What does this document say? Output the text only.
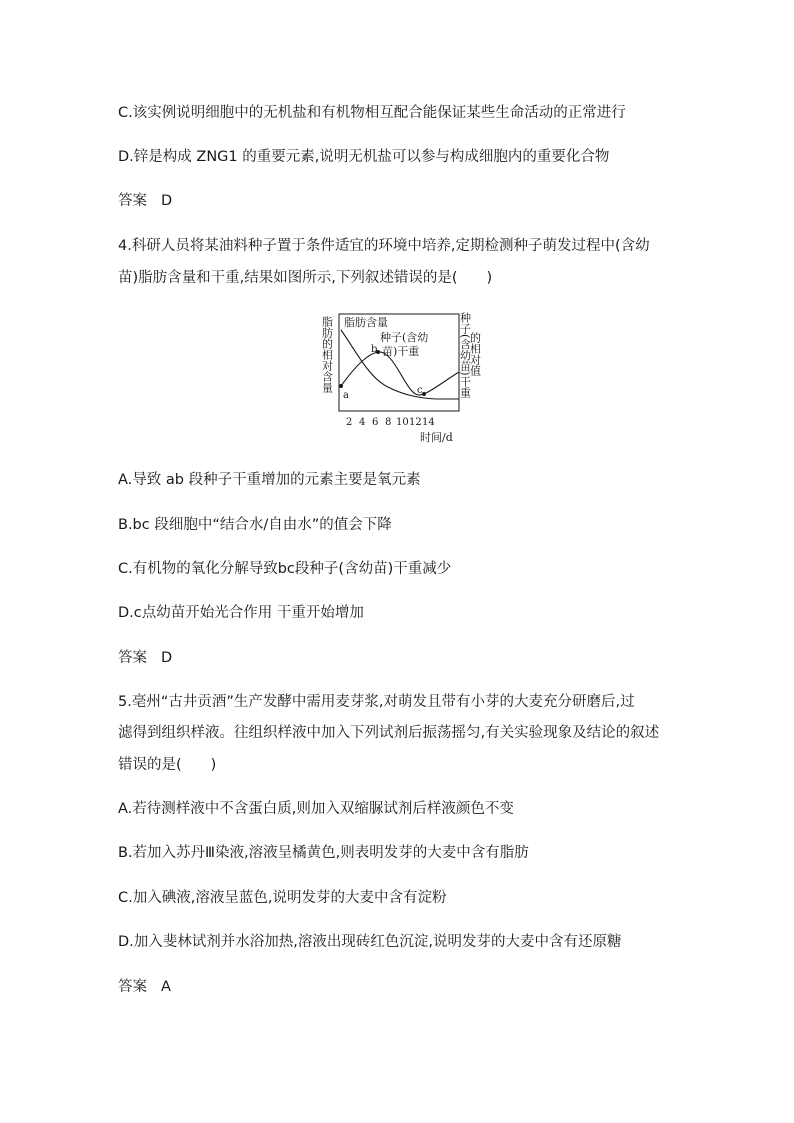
C.该实例说明细胞中的无机盐和有机物相互配合能保证某些生命活动的正常进行
D.锌是构成 ZNG1 的重要元素,说明无机盐可以参与构成细胞内的重要化合物
答案 D
4.科研人员将某油料种子置于条件适宜的环境中培养,定期检测种子萌发过程中(含幼
苗)脂肪含量和干重,结果如图所示,下列叙述错误的是(　　)
脂肪的相对含量	种子(含幼苗)干重
的相对值
a
b
c
脂肪含量
种子(含幼
苗)干重
2 4 6 8 10 12 14
时间/d
A.导致 ab 段种子干重增加的元素主要是氧元素
B.bc 段细胞中“结合水/自由水”的值会下降
C.有机物的氧化分解导致bc段种子(含幼苗)干重减少
D.c点幼苗开始光合作用 干重开始增加
答案 D
5.亳州“古井贡酒”生产发酵中需用麦芽浆,对萌发且带有小芽的大麦充分研磨后,过
滤得到组织样液。往组织样液中加入下列试剂后振荡摇匀,有关实验现象及结论的叙述
错误的是(　　)
A.若待测样液中不含蛋白质,则加入双缩脲试剂后样液颜色不变
B.若加入苏丹Ⅲ染液,溶液呈橘黄色,则表明发芽的大麦中含有脂肪
C.加入碘液,溶液呈蓝色,说明发芽的大麦中含有淀粉
D.加入斐林试剂并水浴加热,溶液出现砖红色沉淀,说明发芽的大麦中含有还原糖
答案 A
